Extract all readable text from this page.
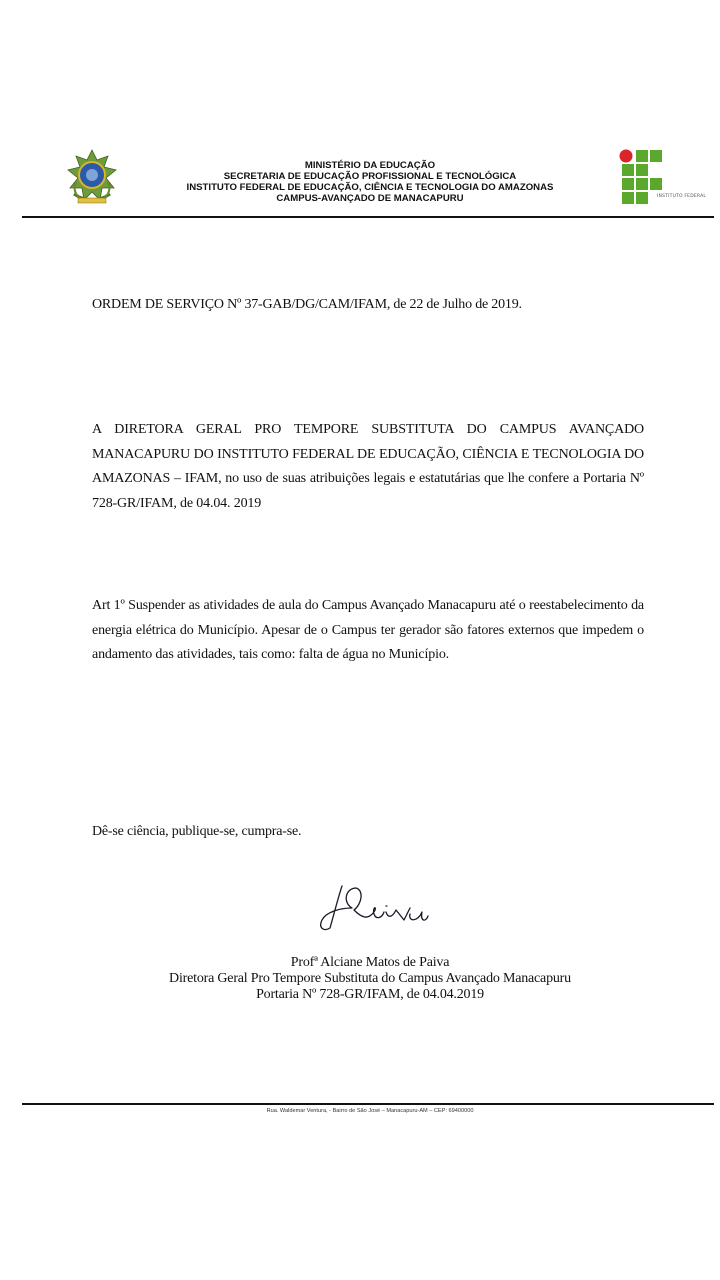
MINISTÉRIO DA EDUCAÇÃO
SECRETARIA DE EDUCAÇÃO PROFISSIONAL E TECNOLÓGICA
INSTITUTO FEDERAL DE EDUCAÇÃO, CIÊNCIA E TECNOLOGIA DO AMAZONAS
CAMPUS-AVANÇADO DE MANACAPURU	INSTITUTO FEDERAL
ORDEM DE SERVIÇO Nº 37-GAB/DG/CAM/IFAM, de 22 de Julho de 2019.
A DIRETORA GERAL PRO TEMPORE SUBSTITUTA DO CAMPUS AVANÇADO MANACAPURU DO INSTITUTO FEDERAL DE EDUCAÇÃO, CIÊNCIA E TECNOLOGIA DO AMAZONAS – IFAM, no uso de suas atribuições legais e estatutárias que lhe confere a Portaria Nº 728-GR/IFAM, de 04.04. 2019
Art 1º Suspender as atividades de aula do Campus Avançado Manacapuru até o reestabelecimento da energia elétrica do Município. Apesar de o Campus ter gerador são fatores externos que impedem o andamento das atividades, tais como: falta de água no Município.
Dê-se ciência, publique-se, cumpra-se.
Profª Alciane Matos de Paiva
Diretora Geral Pro Tempore Substituta do Campus Avançado Manacapuru
Portaria Nº 728-GR/IFAM, de 04.04.2019
Rua. Waldemar Ventura, - Bairro de São José – Manacapuru-AM – CEP: 69400000
